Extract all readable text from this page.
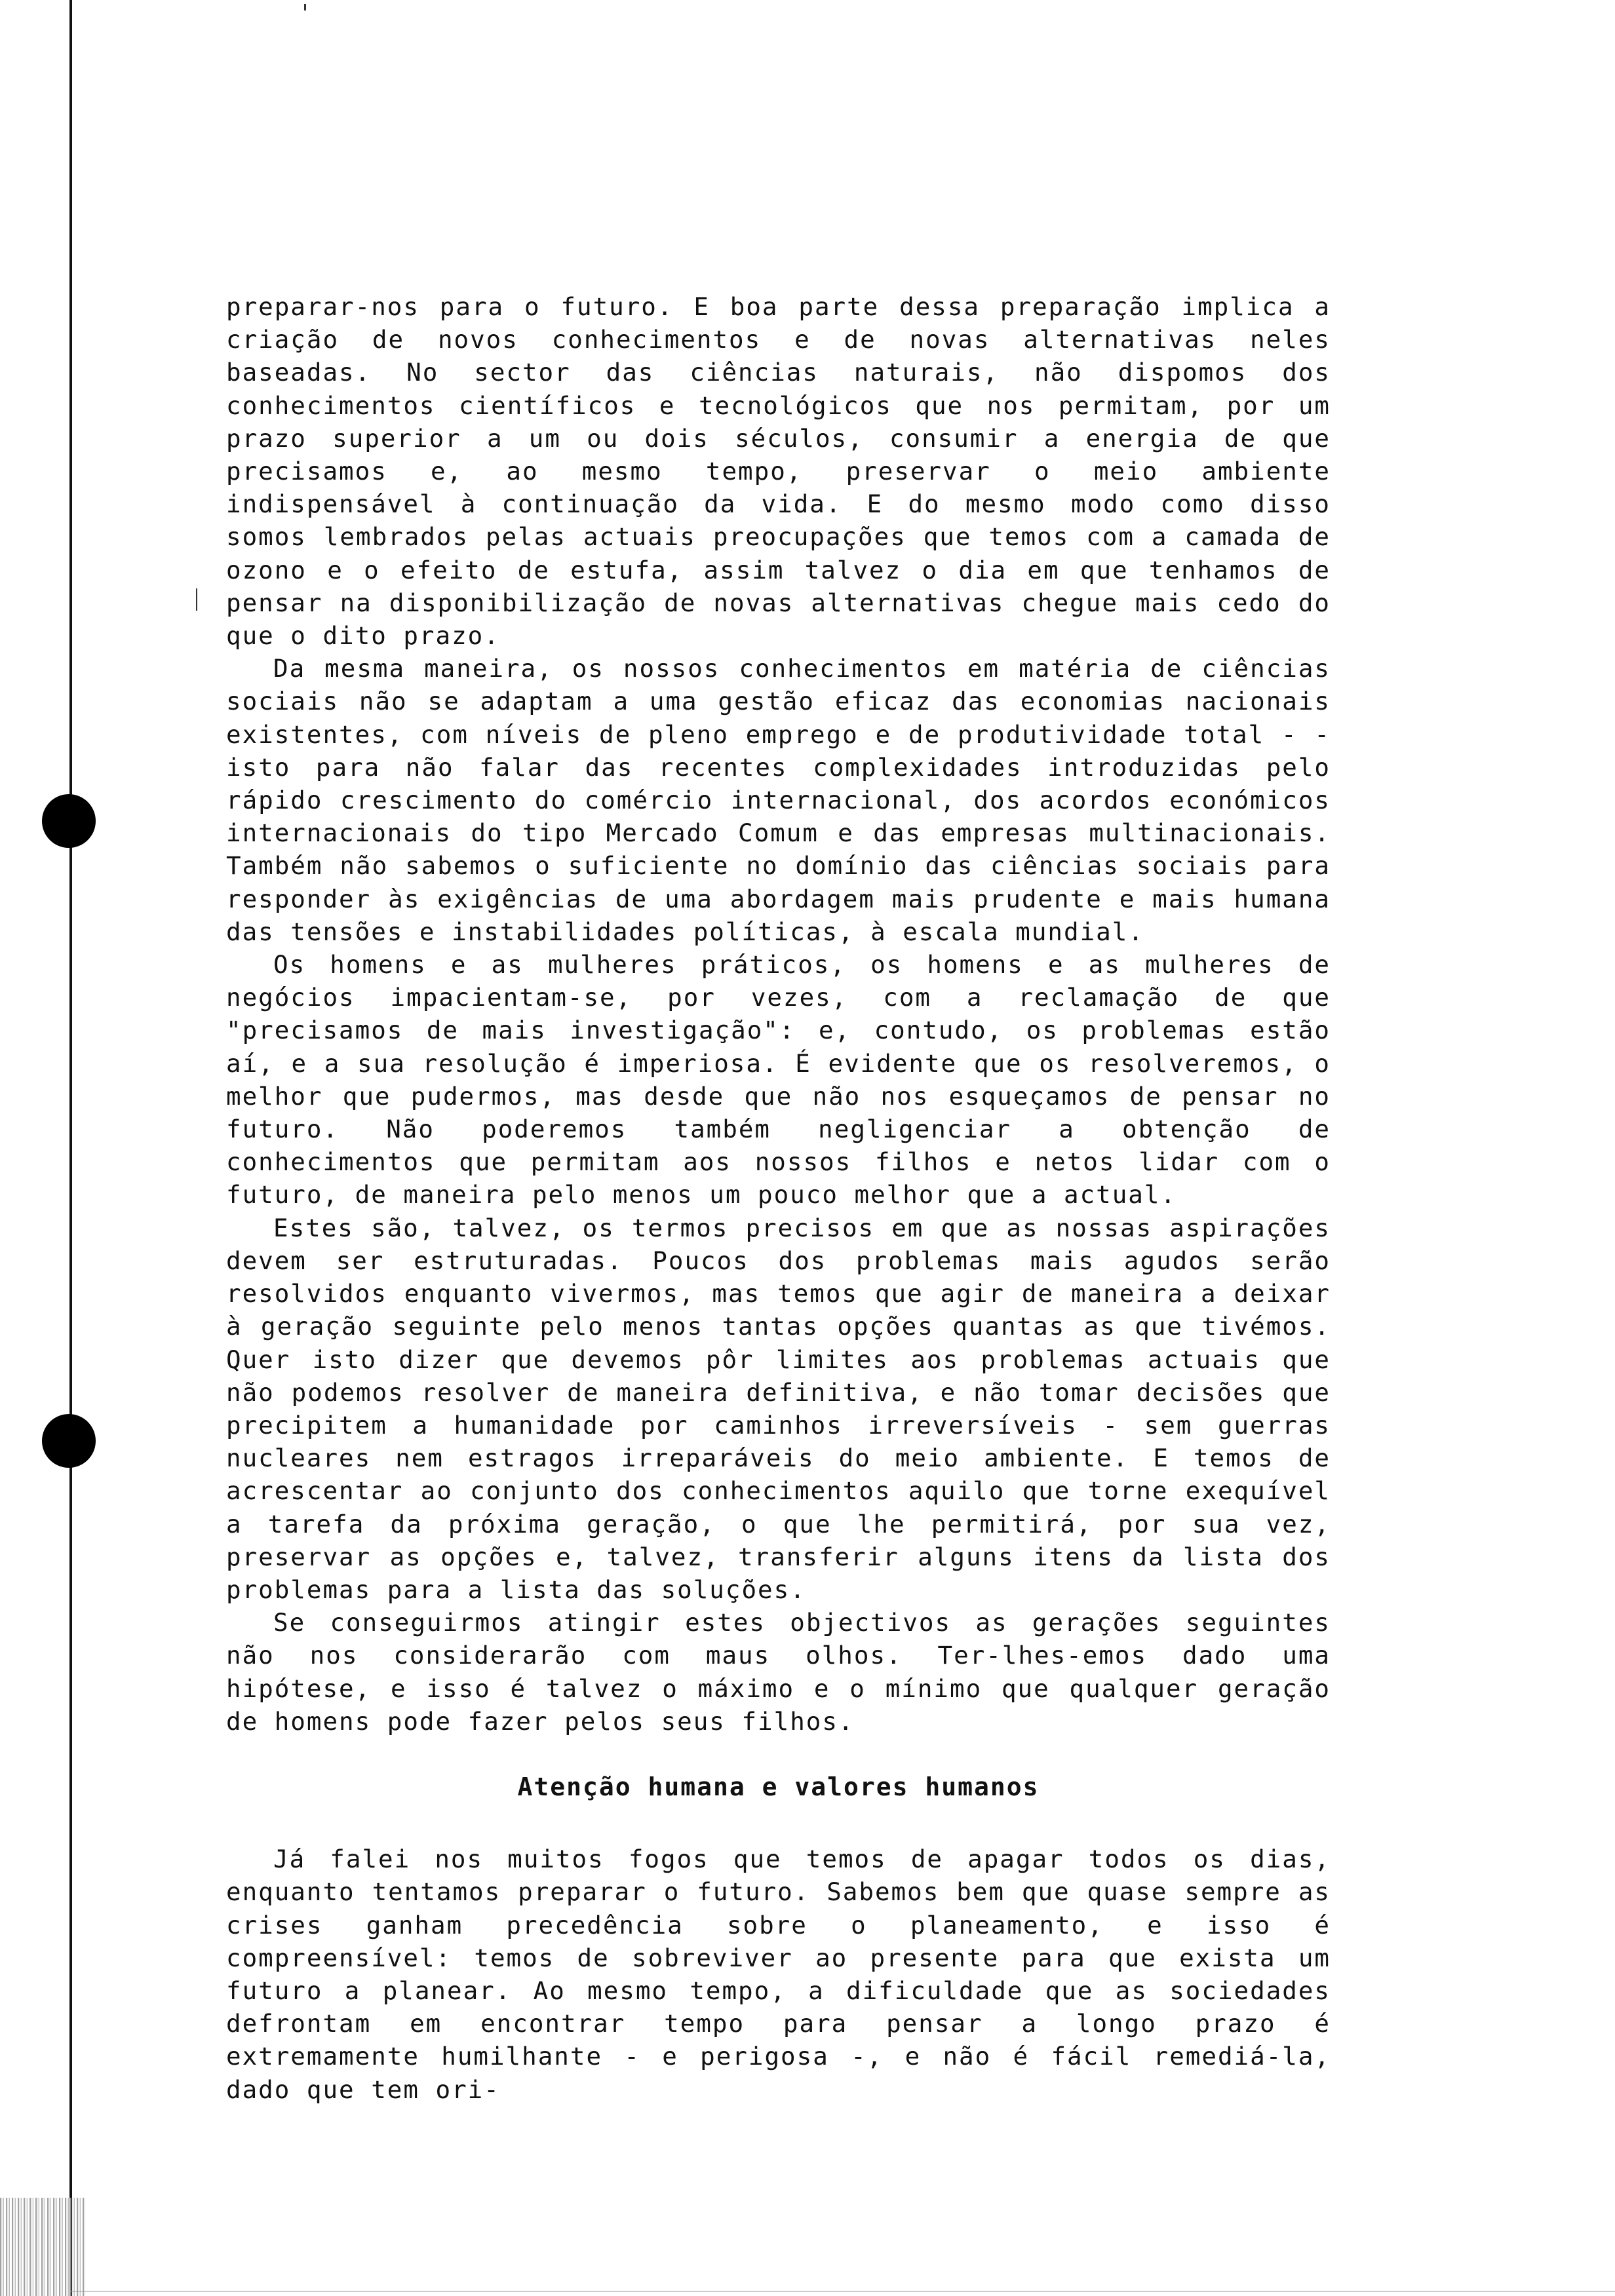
preparar-nos para o futuro. E boa parte dessa preparação implica a criação de novos conhecimentos e de novas alternativas neles baseadas. No sector das ciências naturais, não dispomos dos conhecimentos científicos e tecnológicos que nos permitam, por um prazo superior a um ou dois séculos, consumir a energia de que precisamos e, ao mesmo tempo, preservar o meio ambiente indispensável à continuação da vida. E do mesmo modo como disso somos lembrados pelas actuais preocupações que temos com a camada de ozono e o efeito de estufa, assim talvez o dia em que tenhamos de pensar na disponibilização de novas alternativas chegue mais cedo do que o dito prazo.

Da mesma maneira, os nossos conhecimentos em matéria de ciências sociais não se adaptam a uma gestão eficaz das economias nacionais existentes, com níveis de pleno emprego e de produtividade total - - isto para não falar das recentes complexidades introduzidas pelo rápido crescimento do comércio internacional, dos acordos económicos internacionais do tipo Mercado Comum e das empresas multinacionais. Também não sabemos o suficiente no domínio das ciências sociais para responder às exigências de uma abordagem mais prudente e mais humana das tensões e instabilidades políticas, à escala mundial.

Os homens e as mulheres práticos, os homens e as mulheres de negócios impacientam-se, por vezes, com a reclamação de que "precisamos de mais investigação": e, contudo, os problemas estão aí, e a sua resolução é imperiosa. É evidente que os resolveremos, o melhor que pudermos, mas desde que não nos esqueçamos de pensar no futuro. Não poderemos também negligenciar a obtenção de conhecimentos que permitam aos nossos filhos e netos lidar com o futuro, de maneira pelo menos um pouco melhor que a actual.

Estes são, talvez, os termos precisos em que as nossas aspirações devem ser estruturadas. Poucos dos problemas mais agudos serão resolvidos enquanto vivermos, mas temos que agir de maneira a deixar à geração seguinte pelo menos tantas opções quantas as que tivémos. Quer isto dizer que devemos pôr limites aos problemas actuais que não podemos resolver de maneira definitiva, e não tomar decisões que precipitem a humanidade por caminhos irreversíveis - sem guerras nucleares nem estragos irreparáveis do meio ambiente. E temos de acrescentar ao conjunto dos conhecimentos aquilo que torne exequível a tarefa da próxima geração, o que lhe permitirá, por sua vez, preservar as opções e, talvez, transferir alguns itens da lista dos problemas para a lista das soluções.

Se conseguirmos atingir estes objectivos as gerações seguintes não nos considerarão com maus olhos. Ter-lhes-emos dado uma hipótese, e isso é talvez o máximo e o mínimo que qualquer geração de homens pode fazer pelos seus filhos.

Atenção humana e valores humanos

Já falei nos muitos fogos que temos de apagar todos os dias, enquanto tentamos preparar o futuro. Sabemos bem que quase sempre as crises ganham precedência sobre o planeamento, e isso é compreensível: temos de sobreviver ao presente para que exista um futuro a planear. Ao mesmo tempo, a dificuldade que as sociedades defrontam em encontrar tempo para pensar a longo prazo é extremamente humilhante - e perigosa -, e não é fácil remediá-la, dado que tem ori-
